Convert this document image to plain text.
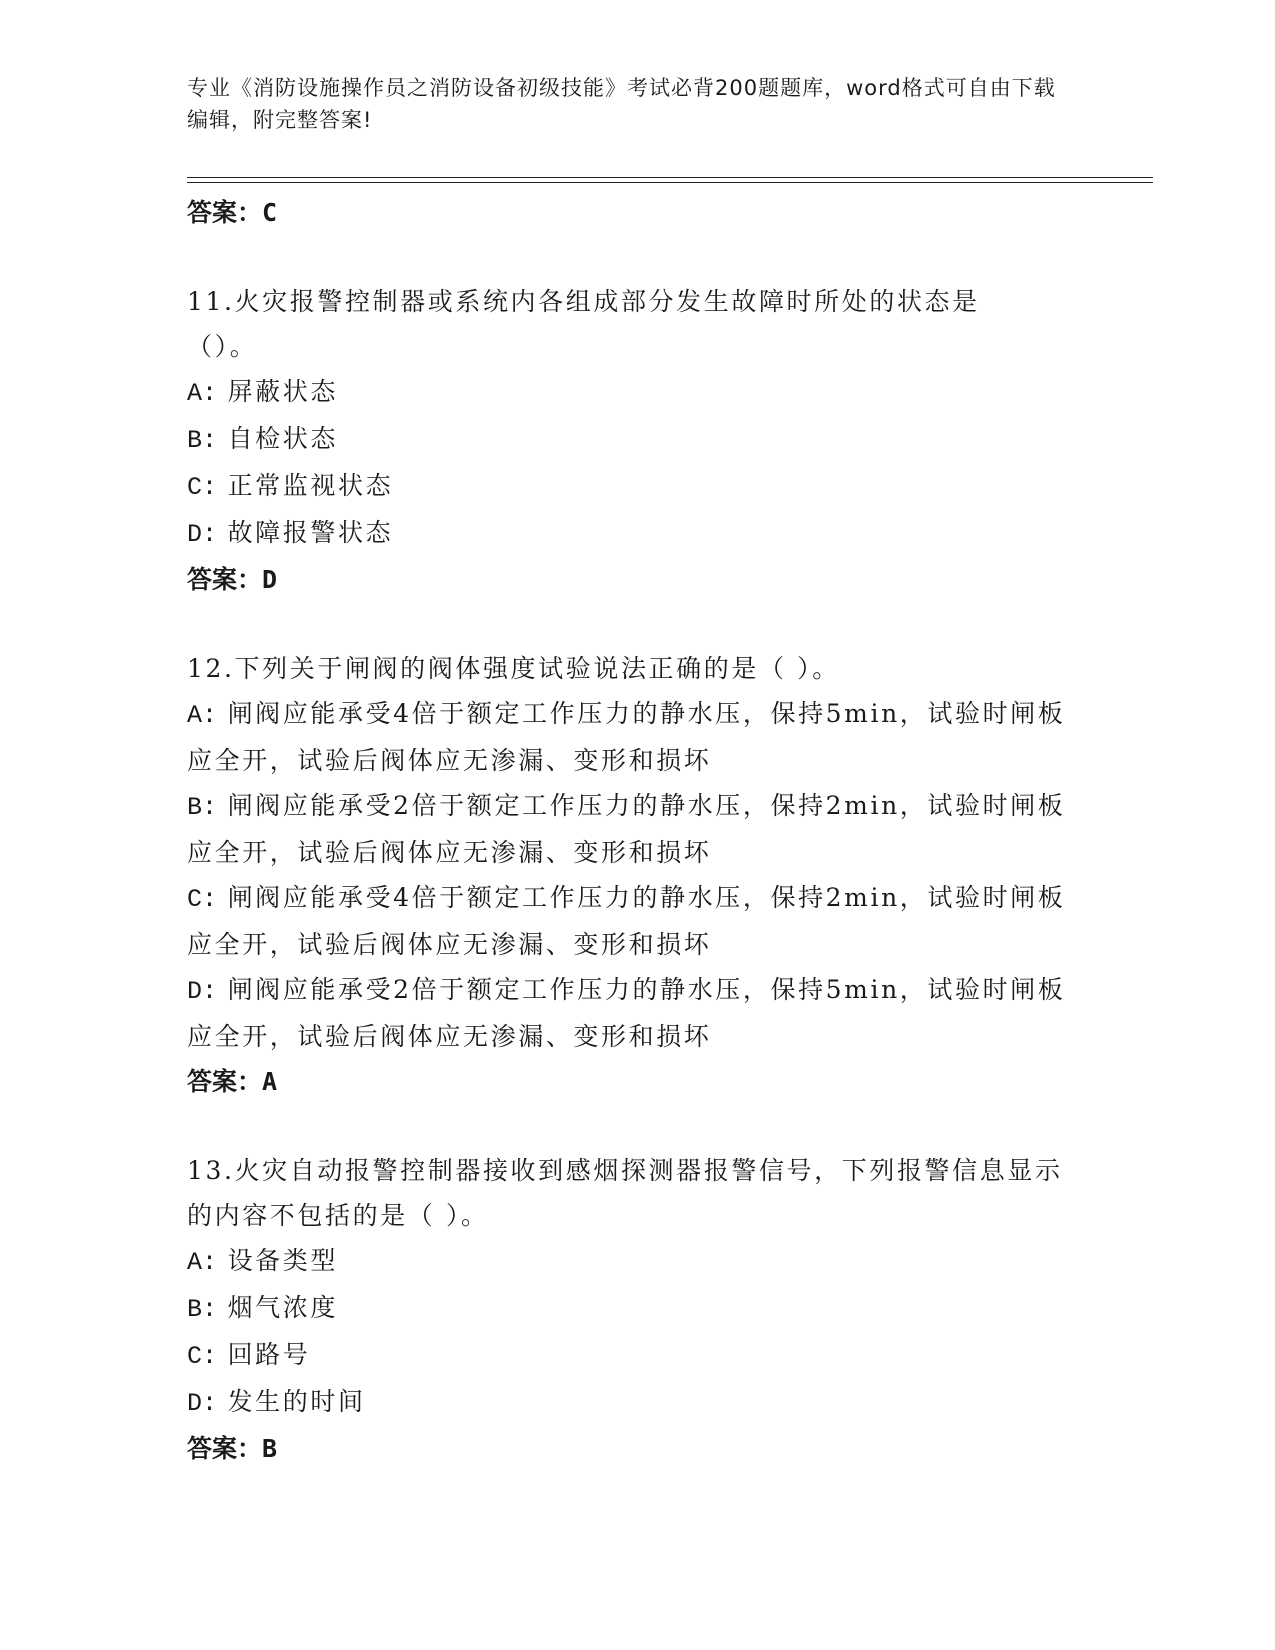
专业《消防设施操作员之消防设备初级技能》考试必背200题题库，word格式可自由下载编辑，附完整答案!
答案：C
11.火灾报警控制器或系统内各组成部分发生故障时所处的状态是（）。
A: 屏蔽状态
B: 自检状态
C: 正常监视状态
D: 故障报警状态
答案：D
12.下列关于闸阀的阀体强度试验说法正确的是（ ）。
A: 闸阀应能承受4倍于额定工作压力的静水压，保持5min，试验时闸板应全开，试验后阀体应无渗漏、变形和损坏
B: 闸阀应能承受2倍于额定工作压力的静水压，保持2min，试验时闸板应全开，试验后阀体应无渗漏、变形和损坏
C: 闸阀应能承受4倍于额定工作压力的静水压，保持2min，试验时闸板应全开，试验后阀体应无渗漏、变形和损坏
D: 闸阀应能承受2倍于额定工作压力的静水压，保持5min，试验时闸板应全开，试验后阀体应无渗漏、变形和损坏
答案：A
13.火灾自动报警控制器接收到感烟探测器报警信号，下列报警信息显示的内容不包括的是（ ）。
A: 设备类型
B: 烟气浓度
C: 回路号
D: 发生的时间
答案：B
